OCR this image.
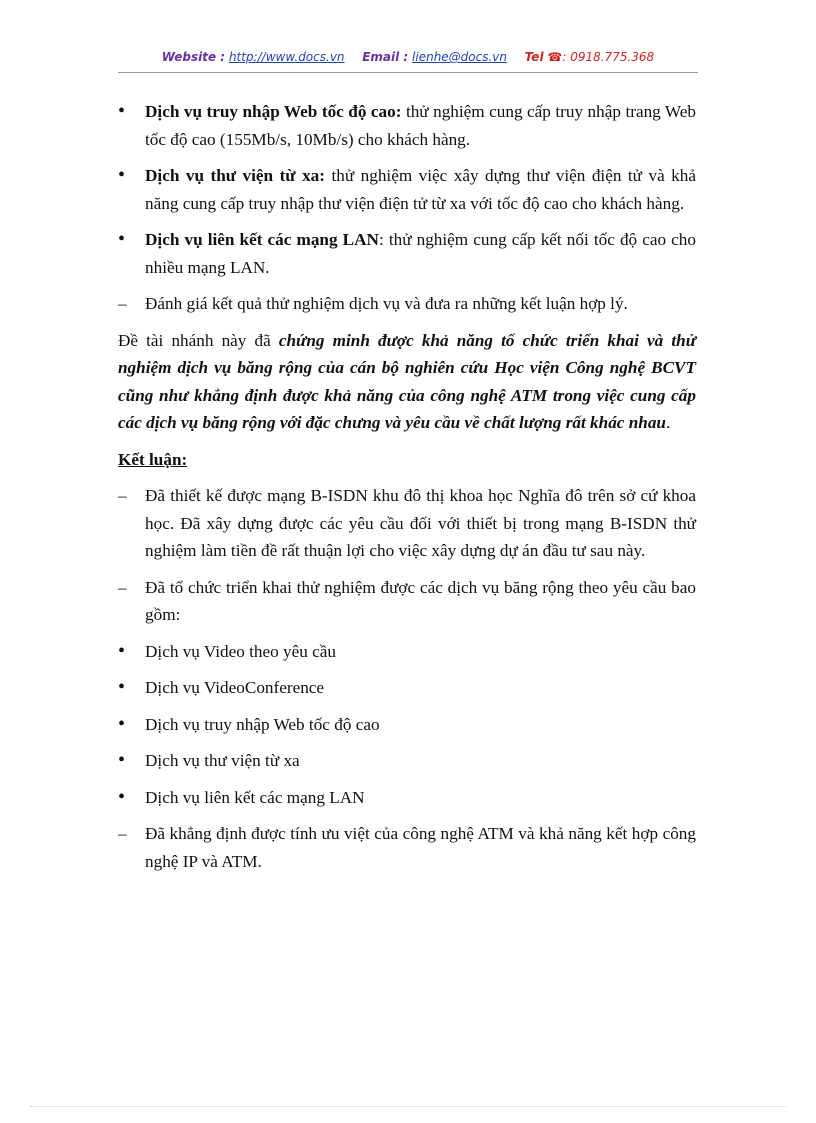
Website : http://www.docs.vn Email : lienhe@docs.vn Tel ☎: 0918.775.368
•
Dịch vụ truy nhập Web tốc độ cao: thử nghiệm cung cấp truy nhập trang Web tốc độ cao (155Mb/s, 10Mb/s) cho khách hàng.
•
Dịch vụ thư viện từ xa: thử nghiệm việc xây dựng thư viện điện tử và khả năng cung cấp truy nhập thư viện điện tử từ xa với tốc độ cao cho khách hàng.
•
Dịch vụ liên kết các mạng LAN: thử nghiệm cung cấp kết nối tốc độ cao cho nhiều mạng LAN.
–
Đánh giá kết quả thử nghiệm dịch vụ và đưa ra những kết luận hợp lý.
Đề tài nhánh này đã chứng minh được khả năng tổ chức triển khai và thử nghiệm dịch vụ băng rộng của cán bộ nghiên cứu Học viện Công nghệ BCVT cũng như khẳng định được khả năng của công nghệ ATM trong việc cung cấp các dịch vụ băng rộng với đặc chưng và yêu cầu về chất lượng rất khác nhau.
Kết luận:
–
Đã thiết kế được mạng B-ISDN khu đô thị khoa học Nghĩa đô trên sở cứ khoa học. Đã xây dựng được các yêu cầu đối với thiết bị trong mạng B-ISDN thử nghiệm làm tiền đề rất thuận lợi cho việc xây dựng dự án đầu tư sau này.
–
Đã tổ chức triển khai thử nghiệm được các dịch vụ băng rộng theo yêu cầu bao gồm:
•
Dịch vụ Video theo yêu cầu
•
Dịch vụ VideoConference
•
Dịch vụ truy nhập Web tốc độ cao
•
Dịch vụ thư viện từ xa
•
Dịch vụ liên kết các mạng LAN
–
Đã khẳng định được tính ưu việt của công nghệ ATM và khả năng kết hợp công nghệ IP và ATM.
